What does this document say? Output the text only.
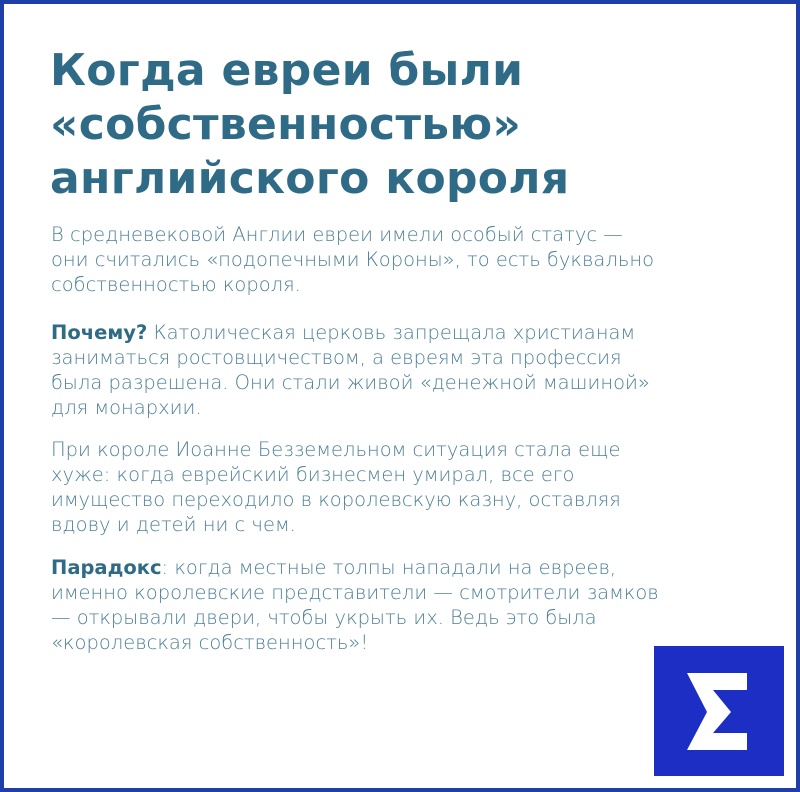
Когда евреи были
«собственностью»
английского короля

В средневековой Англии евреи имели особый статус —
они считались «подопечными Короны», то есть буквально
собственностью короля.

Почему? Католическая церковь запрещала христианам
заниматься ростовщичеством, а евреям эта профессия
была разрешена. Они стали живой «денежной машиной»
для монархии.

При короле Иоанне Безземельном ситуация стала еще
хуже: когда еврейский бизнесмен умирал, все его
имущество переходило в королевскую казну, оставляя
вдову и детей ни с чем.

Парадокс: когда местные толпы нападали на евреев,
именно королевские представители — смотрители замков
— открывали двери, чтобы укрыть их. Ведь это была
«королевская собственность»!
